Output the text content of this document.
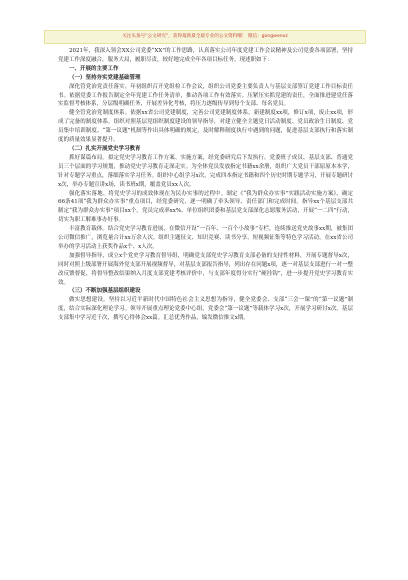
关注头条号“公文研究”，获得最新最全最专业的公文资料哦！ 微信：gongwenxz

2021年，我深入领会XX公司党委“XX”的工作思路，认真落实公司年度党建工作会议精神及公司党委各项部署，坚持党建工作深度融合，服务大局，履职尽责，较好地完成全年各项目标任务。现述职如下：

一、开展的主要工作
（一）坚持夯实党建基础管理

深化管党治党责任落实。年初组织召开党组检工作会议，组织公司党委主要负责人与基层支部签订党建工作目标责任书。依据党委工作报告制定全年党建工作任务清单，推动各项工作有效落实。压紧压实抓党建的责任，全面推进建党任落实监督考核体系，分层级明确任务，开展差异化考核，将压力逐级传导到每个支部、每名党员。

健全管党治党制度体系。依据xx省公司党建制度，完善公司党建制度体系，新建制度xx项，修订x项，废止xx项，形成了完备的制度体系。组织对照基层党组织制度建设的领导指导，对建立健全主题党日活动制度、党员政治生日制度、党员集中培训制度、“第一议题”机制等作出具体明确的规定，及时解释制度执行中遇到的问题，促进基层支部执行和落实制度的质量效果显著提升。

（二）扎实开展党史学习教育

抓好谋篇布局。拟定党史学习教育工作方案、实施方案，经党委研究后下发执行。党委班子成员、基层支部、普通党员三个层面的学习规划，推动党史学习教育走深走实。为全体党员发放指定书籍xx余册，组织广大党员干部原原本本学，针对专题学习重点，落细落实学习任务。组织中心组学习x次，完成四本指定书籍和四个历史时期专题学习，开展专题研讨x次，举办专题宣讲x场，读书班x期，覆盖党员xx人次。

强化落实落地。将党史学习的成效体现在为民办实事的过程中。制定《“我为群众办实事”实践活动实施方案》，确定66条41项“我为群众办实事”重点项目，经党委研究，逐一明确了牵头领导、责任部门和完成时间。指导xx个基层支部共制定“我为群众办实事”项目xx个。党员完成率xx%。单位组织团委和基层党支部深化志愿服务活动，开展“一二四”行动，切实为职工解难事办好事。

丰富教育载体。结合党史学习教育进展，在微信开设“一百年、一百个小故事”专栏，连续推送党史故事xx期，被集团公司微信推广，浏览量合计xx万余人次。组织主题征文、知识竞赛、读书分享、短视频征集等特色学习活动，在xx省公司举办的学习活动上获奖作品x个、x人次。

加强督导指导，成立x个党史学习教育督导组，明确党支部党史学习教育支部必备的支持性材料，开展专题督导x次，同时对照上级部署开展海外党支部开展视频督导，对基层支部报告指导，列出存在问题x项，逐一对基层支部进行一对一整改反馈督促，将督导整改结果纳入月度支部党建考核评价中，与支部年度得分实行“硬挂钩”，进一步提升党史学习教育实效。

（三）不断加强基层组织建设

做实思想建设。坚持以习近平新时代中国特色社会主义思想为指导，健全党委会、支部“三会一课”的“第一议题”制度，结合实际深化理论学习。领导开展重点理论党委中心组，党委会“第一议题”等载体学习x次，开展学习研讨x次。基层支部集中学习近千次，撰写心得体会xx篇。汇总优秀作品，编发微信推文x期。
